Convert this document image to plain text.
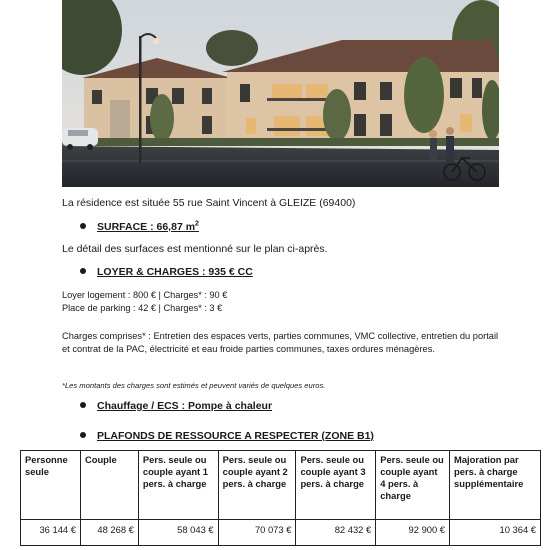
La résidence est située 55 rue Saint Vincent à GLEIZE (69400)
SURFACE : 66,87 $m^2$
Le détail des surfaces est mentionné sur le plan ci-après.
LOYER & CHARGES : 935 € CC
Loyer logement : 800 € | Charges* : 90 €
Place de parking : 42 € | Charges* : 3 €
Charges comprises* : Entretien des espaces verts, parties communes, VMC collective, entretien du portail et contrat de la PAC, électricité et eau froide parties communes, taxes ordures ménagères.
*Les montants des charges sont estimés et peuvent variés de quelques euros.
Chauffage / ECS : Pompe à chaleur
PLAFONDS DE RESSOURCE A RESPECTER (ZONE B1)
Personne seule	Couple	Pers. seule ou couple ayant 1 pers. à charge	Pers. seule ou couple ayant 2 pers. à charge	Pers. seule ou couple ayant 3 pers. à charge	Pers. seule ou couple ayant 4 pers. à charge	Majoration par pers. à charge supplémentaire
36 144 €	48 268 €	58 043 €	70 073 €	82 432 €	92 900 €	10 364 €
